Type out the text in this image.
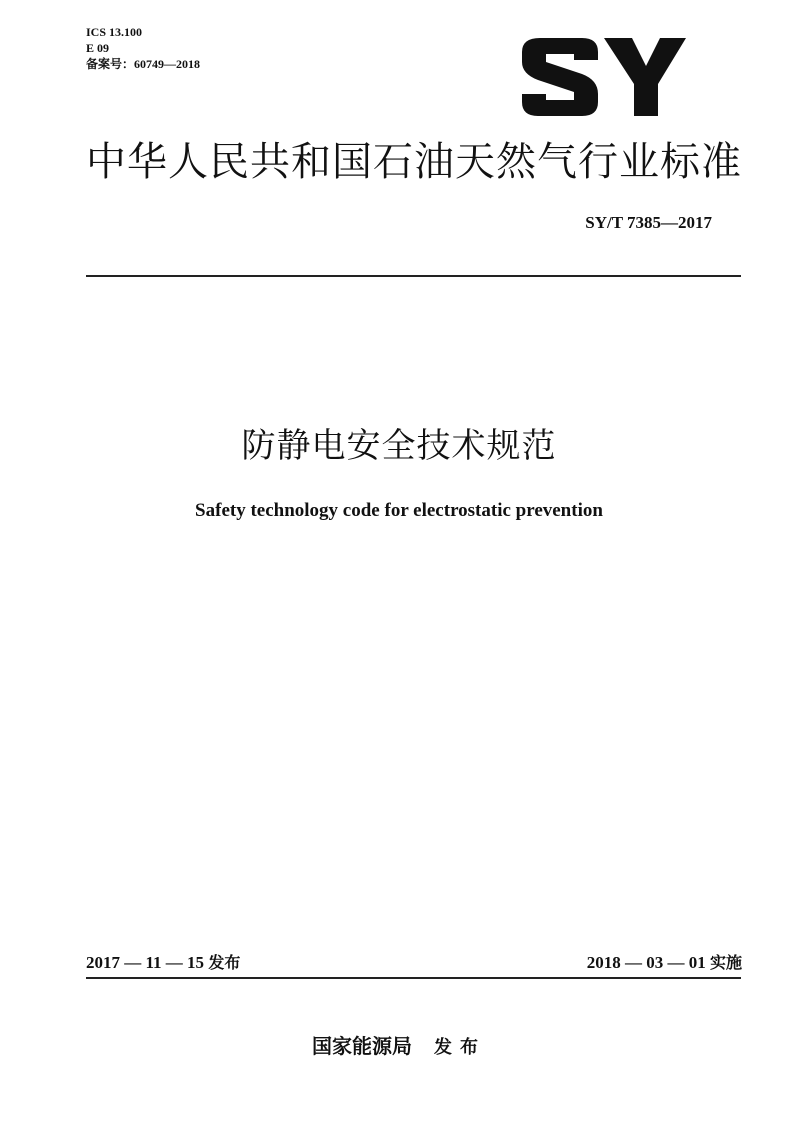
ICS 13.100
E 09
备案号：60749—2018
中华人民共和国石油天然气行业标准
SY/T 7385—2017
防静电安全技术规范
Safety technology code for electrostatic prevention
2017 — 11 — 15 发布	2018 — 03 — 01 实施
国家能源局 发布
